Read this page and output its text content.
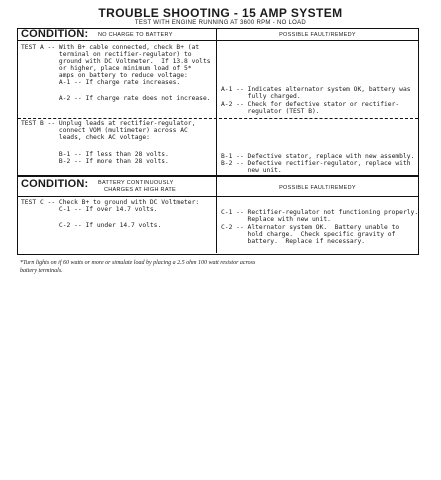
TROUBLE SHOOTING - 15 AMP SYSTEM
TEST WITH ENGINE RUNNING AT 3600 RPM - NO LOAD
CONDITION: NO CHARGE TO BATTERY	POSSIBLE FAULT/REMEDY
TEST A -- With B+ cable connected, check B+ (at
terminal on rectifier-regulator) to
ground with DC Voltmeter.  If 13.8 volts
or higher, place minimum load of 5*
amps on battery to reduce voltage:
A-1 -- If charge rate increases.
A-2 -- If charge rate does not increase.
A-1 -- Indicates alternator system OK, battery was
fully charged.
A-2 -- Check for defective stator or rectifier-
regulator (TEST B).
TEST B -- Unplug leads at rectifier-regulator,
connect VOM (multimeter) across AC
leads, check AC voltage:
B-1 -- If less than 28 volts.
B-2 -- If more than 28 volts.
B-1 -- Defective stator, replace with new assembly.
B-2 -- Defective rectifier-regulator, replace with
new unit.
CONDITION: BATTERY CONTINUOUSLY
CHARGES AT HIGH RATE	POSSIBLE FAULT/REMEDY
TEST C -- Check B+ to ground with DC Voltmeter:
C-1 -- If over 14.7 volts.
C-2 -- If under 14.7 volts.
C-1 -- Rectifier-regulator not functioning properly.
Replace with new unit.
C-2 -- Alternator system OK.  Battery unable to
hold charge.  Check specific gravity of
battery.  Replace if necessary.
*Turn lights on if 60 watts or more or simulate load by placing a 2.5 ohm 100 watt resistor across
battery terminals.
